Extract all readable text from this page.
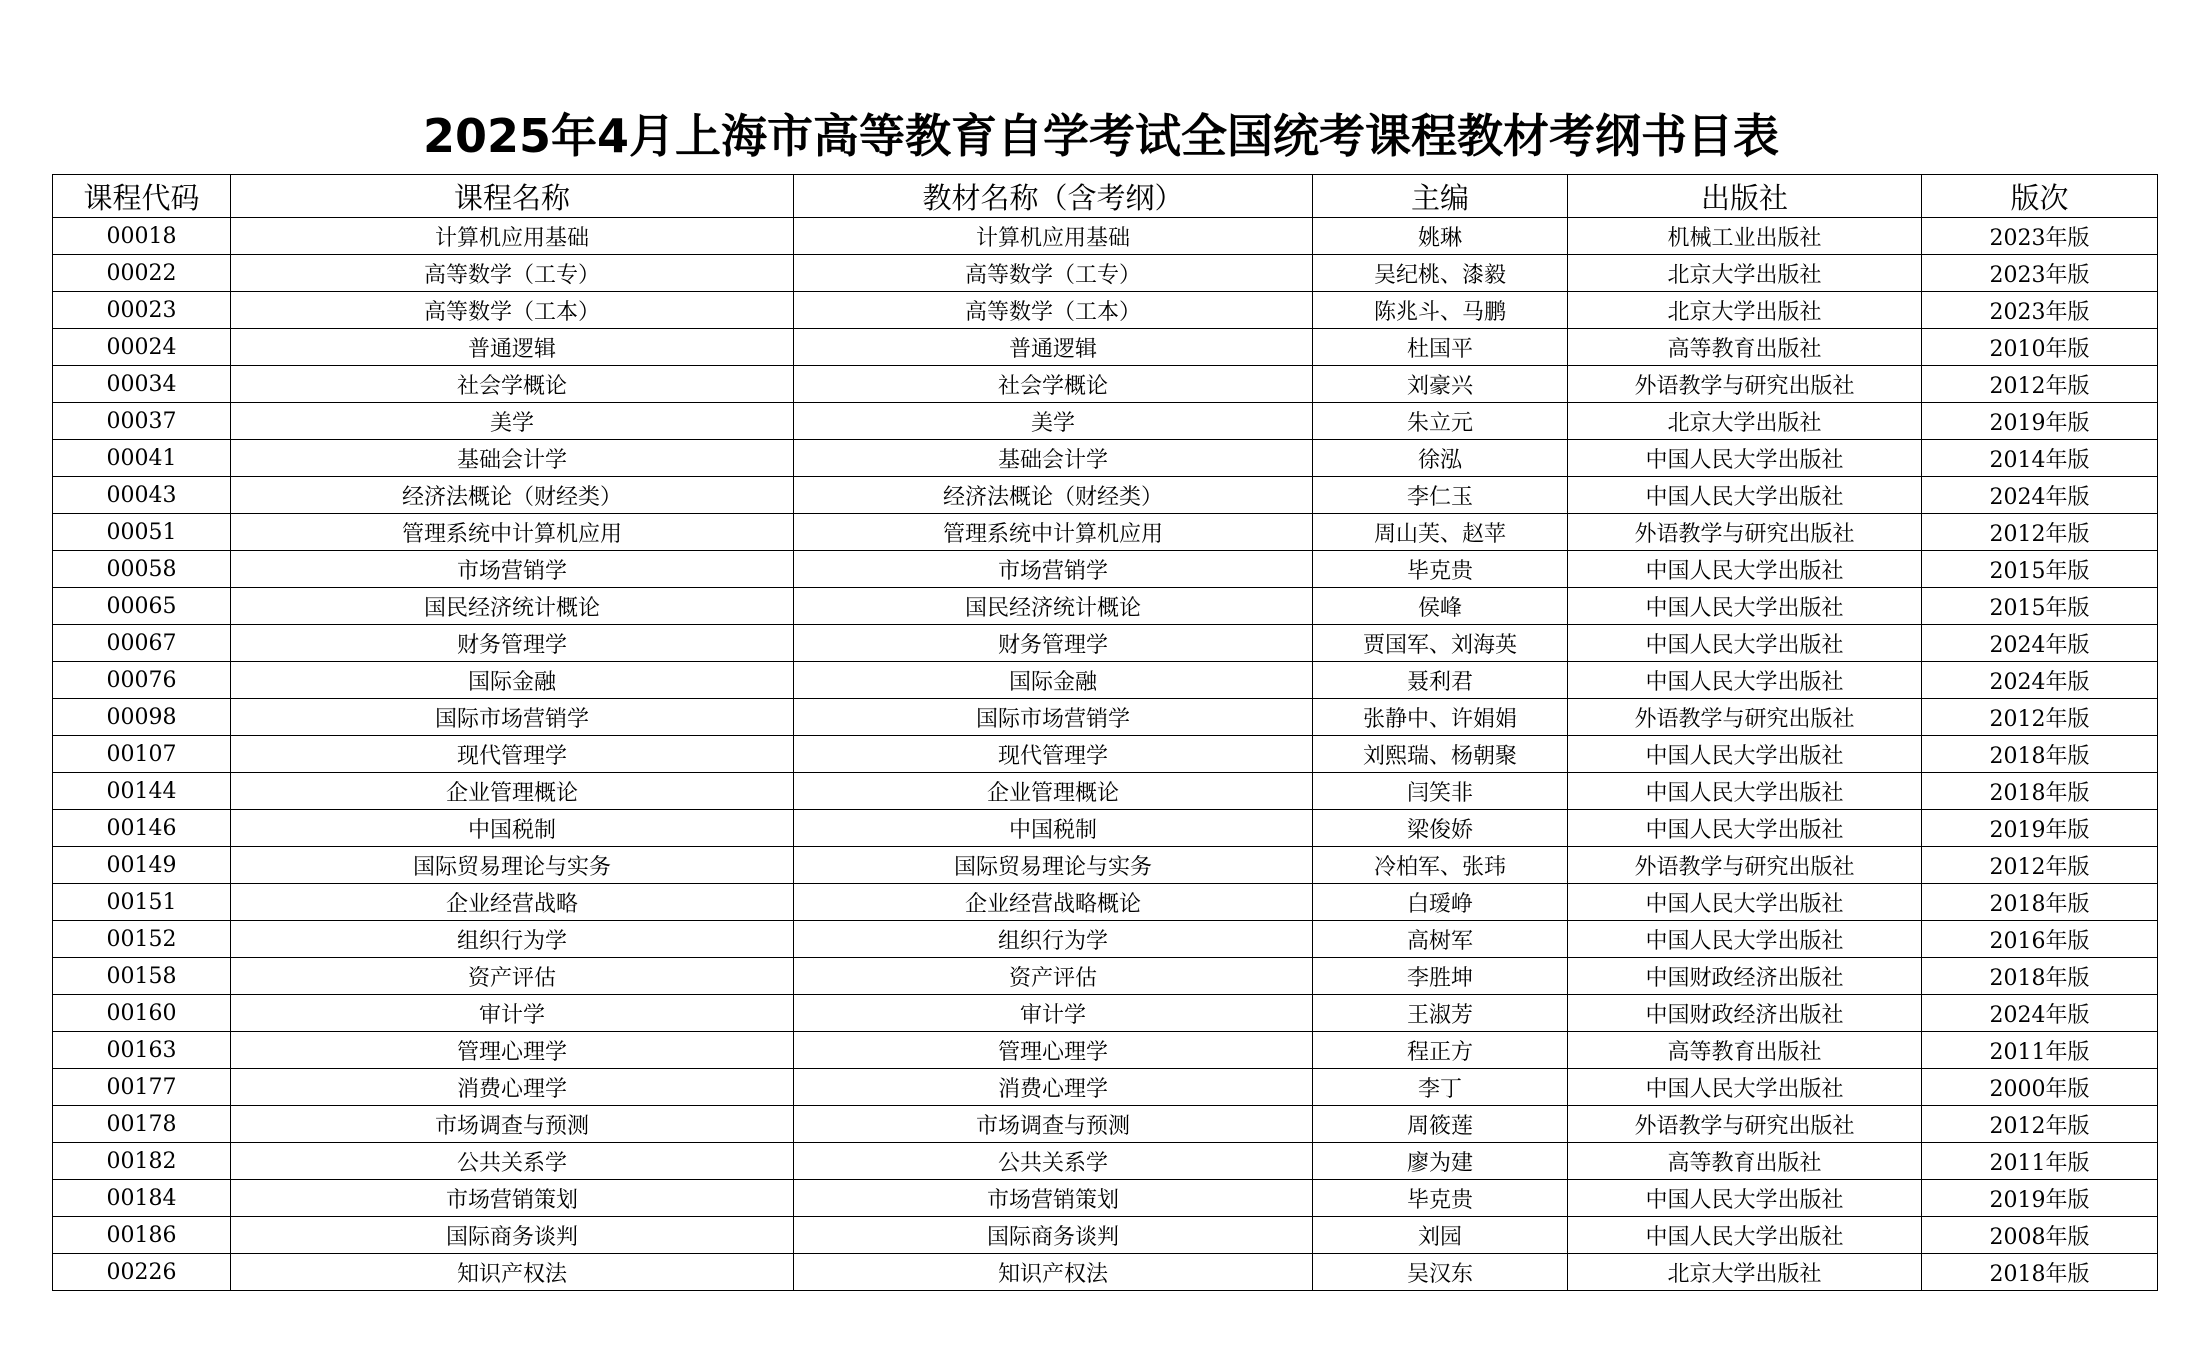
2025年4月上海市高等教育自学考试全国统考课程教材考纲书目表
课程代码	课程名称	教材名称（含考纲）	主编	出版社	版次
00018	计算机应用基础	计算机应用基础	姚琳	机械工业出版社	2023年版
00022	高等数学（工专）	高等数学（工专）	吴纪桃、漆毅	北京大学出版社	2023年版
00023	高等数学（工本）	高等数学（工本）	陈兆斗、马鹏	北京大学出版社	2023年版
00024	普通逻辑	普通逻辑	杜国平	高等教育出版社	2010年版
00034	社会学概论	社会学概论	刘豪兴	外语教学与研究出版社	2012年版
00037	美学	美学	朱立元	北京大学出版社	2019年版
00041	基础会计学	基础会计学	徐泓	中国人民大学出版社	2014年版
00043	经济法概论（财经类）	经济法概论（财经类）	李仁玉	中国人民大学出版社	2024年版
00051	管理系统中计算机应用	管理系统中计算机应用	周山芙、赵苹	外语教学与研究出版社	2012年版
00058	市场营销学	市场营销学	毕克贵	中国人民大学出版社	2015年版
00065	国民经济统计概论	国民经济统计概论	侯峰	中国人民大学出版社	2015年版
00067	财务管理学	财务管理学	贾国军、刘海英	中国人民大学出版社	2024年版
00076	国际金融	国际金融	聂利君	中国人民大学出版社	2024年版
00098	国际市场营销学	国际市场营销学	张静中、许娟娟	外语教学与研究出版社	2012年版
00107	现代管理学	现代管理学	刘熙瑞、杨朝聚	中国人民大学出版社	2018年版
00144	企业管理概论	企业管理概论	闫笑非	中国人民大学出版社	2018年版
00146	中国税制	中国税制	梁俊娇	中国人民大学出版社	2019年版
00149	国际贸易理论与实务	国际贸易理论与实务	冷柏军、张玮	外语教学与研究出版社	2012年版
00151	企业经营战略	企业经营战略概论	白瑷峥	中国人民大学出版社	2018年版
00152	组织行为学	组织行为学	高树军	中国人民大学出版社	2016年版
00158	资产评估	资产评估	李胜坤	中国财政经济出版社	2018年版
00160	审计学	审计学	王淑芳	中国财政经济出版社	2024年版
00163	管理心理学	管理心理学	程正方	高等教育出版社	2011年版
00177	消费心理学	消费心理学	李丁	中国人民大学出版社	2000年版
00178	市场调查与预测	市场调查与预测	周筱莲	外语教学与研究出版社	2012年版
00182	公共关系学	公共关系学	廖为建	高等教育出版社	2011年版
00184	市场营销策划	市场营销策划	毕克贵	中国人民大学出版社	2019年版
00186	国际商务谈判	国际商务谈判	刘园	中国人民大学出版社	2008年版
00226	知识产权法	知识产权法	吴汉东	北京大学出版社	2018年版
